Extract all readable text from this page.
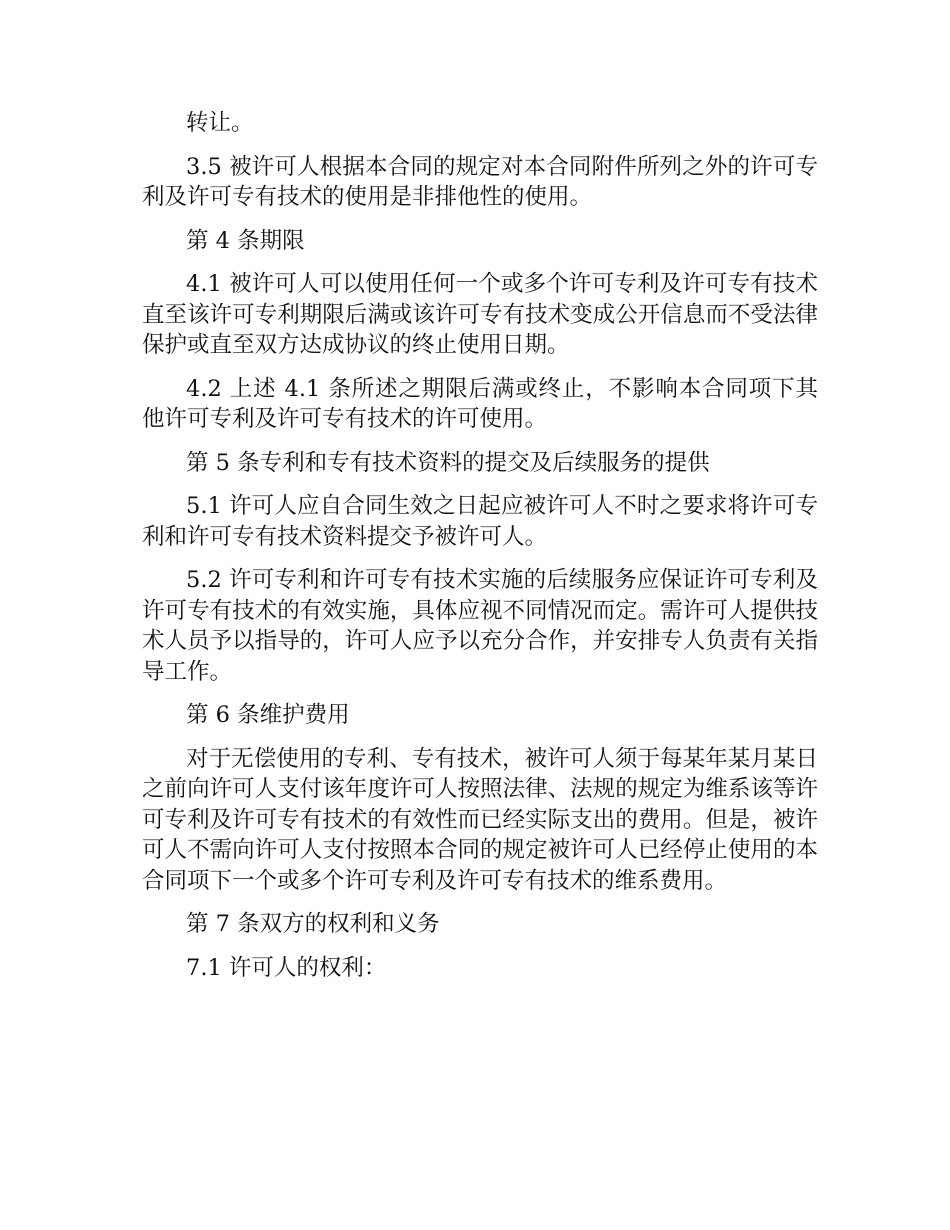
转让。

3.5 被许可人根据本合同的规定对本合同附件所列之外的许可专利及许可专有技术的使用是非排他性的使用。

第 4 条期限

4.1 被许可人可以使用任何一个或多个许可专利及许可专有技术直至该许可专利期限后满或该许可专有技术变成公开信息而不受法律保护或直至双方达成协议的终止使用日期。

4.2 上述 4.1 条所述之期限后满或终止，不影响本合同项下其他许可专利及许可专有技术的许可使用。

第 5 条专利和专有技术资料的提交及后续服务的提供

5.1 许可人应自合同生效之日起应被许可人不时之要求将许可专利和许可专有技术资料提交予被许可人。

5.2 许可专利和许可专有技术实施的后续服务应保证许可专利及许可专有技术的有效实施，具体应视不同情况而定。需许可人提供技术人员予以指导的，许可人应予以充分合作，并安排专人负责有关指导工作。

第 6 条维护费用

对于无偿使用的专利、专有技术，被许可人须于每某年某月某日之前向许可人支付该年度许可人按照法律、法规的规定为维系该等许可专利及许可专有技术的有效性而已经实际支出的费用。但是，被许可人不需向许可人支付按照本合同的规定被许可人已经停止使用的本合同项下一个或多个许可专利及许可专有技术的维系费用。

第 7 条双方的权利和义务

7.1 许可人的权利：
